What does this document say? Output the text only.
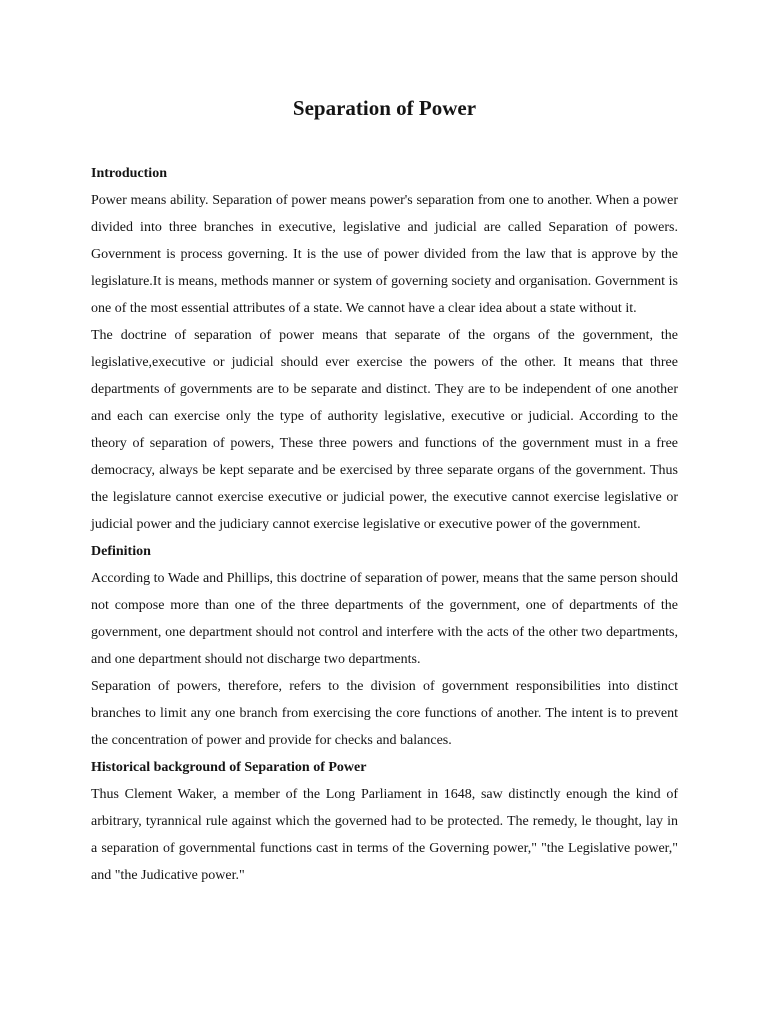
Separation of Power
Introduction

Power means ability. Separation of power means power's separation from one to another. When a power divided into three branches in executive, legislative and judicial are called Separation of powers. Government is process governing. It is the use of power divided from the law that is approve by the legislature.It is means, methods manner or system of governing society and organisation. Government is one of the most essential attributes of a state. We cannot have a clear idea about a state without it.

The doctrine of separation of power means that separate of the organs of the government, the legislative,executive or judicial should ever exercise the powers of the other. It means that three departments of governments are to be separate and distinct. They are to be independent of one another and each can exercise only the type of authority legislative, executive or judicial. According to the theory of separation of powers, These three powers and functions of the government must in a free democracy, always be kept separate and be exercised by three separate organs of the government. Thus the legislature cannot exercise executive or judicial power, the executive cannot exercise legislative or judicial power and the judiciary cannot exercise legislative or executive power of the government.

Definition

According to Wade and Phillips, this doctrine of separation of power, means that the same person should not compose more than one of the three departments of the government, one of departments of the government, one department should not control and interfere with the acts of the other two departments, and one department should not discharge two departments.

Separation of powers, therefore, refers to the division of government responsibilities into distinct branches to limit any one branch from exercising the core functions of another. The intent is to prevent the concentration of power and provide for checks and balances.

Historical background of Separation of Power

Thus Clement Waker, a member of the Long Parliament in 1648, saw distinctly enough the kind of arbitrary, tyrannical rule against which the governed had to be protected. The remedy, le thought, lay in a separation of governmental functions cast in terms of the Governing power," "the Legislative power," and "the Judicative power."
